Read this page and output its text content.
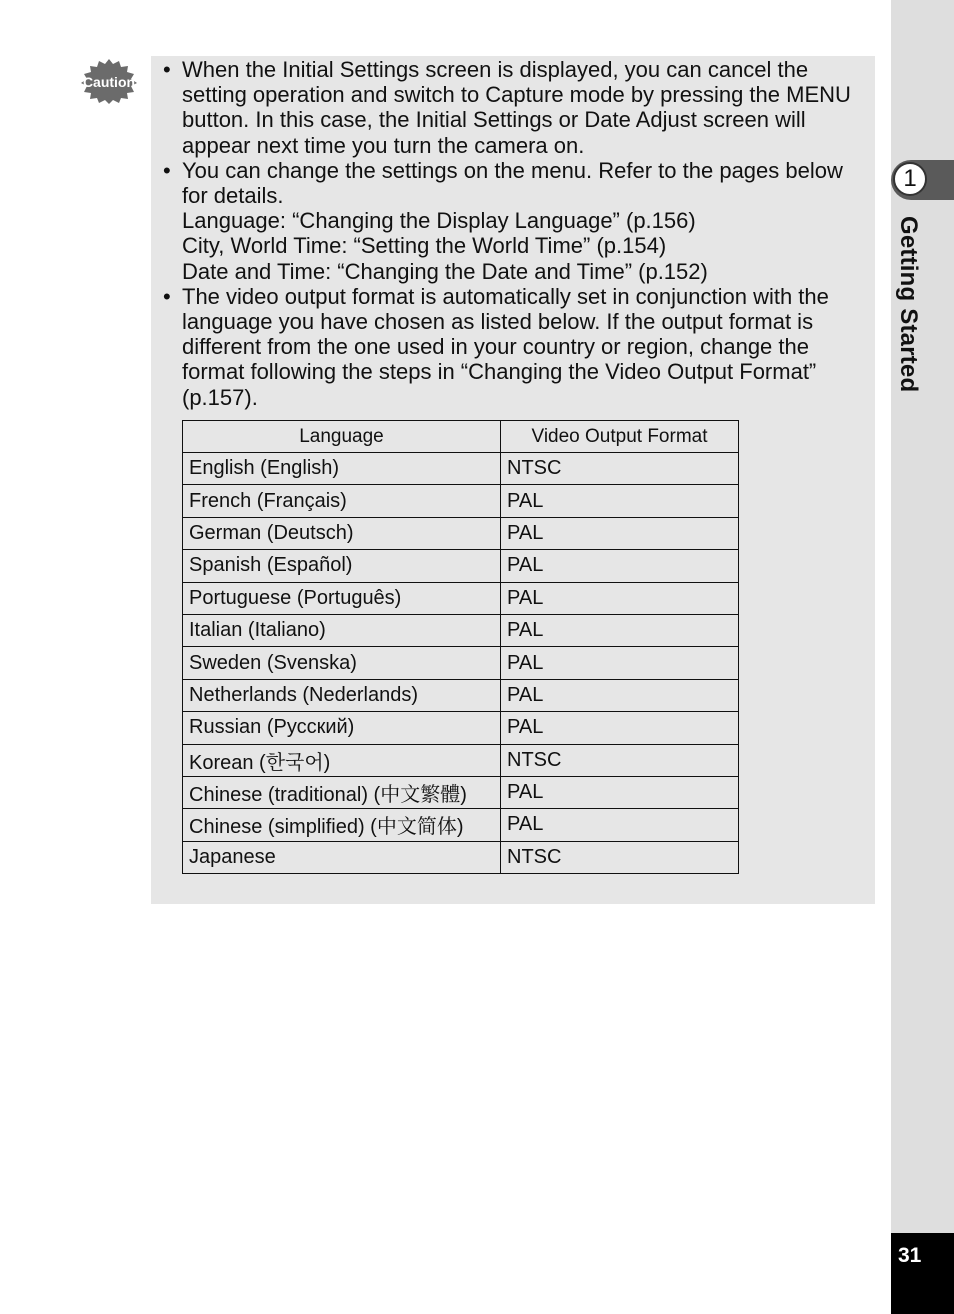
1
Getting Started
31
Caution	• When the Initial Settings screen is displayed, you can cancel the setting operation and switch to Capture mode by pressing the MENU button. In this case, the Initial Settings or Date Adjust screen will appear next time you turn the camera on.
• You can change the settings on the menu. Refer to the pages below for details.
Language: “Changing the Display Language” (p.156)
City, World Time: “Setting the World Time” (p.154)
Date and Time: “Changing the Date and Time” (p.152)
• The video output format is automatically set in conjunction with the language you have chosen as listed below. If the output format is different from the one used in your country or region, change the format following the steps in “Changing the Video Output Format” (p.157).
Language	Video Output Format
English (English)	NTSC
French (Français)	PAL
German (Deutsch)	PAL
Spanish (Español)	PAL
Portuguese (Português)	PAL
Italian (Italiano)	PAL
Sweden (Svenska)	PAL
Netherlands (Nederlands)	PAL
Russian (Русский)	PAL
Korean (한국어)	NTSC
Chinese (traditional) (中文繁體)	PAL
Chinese (simplified) (中文简体)	PAL
Japanese	NTSC
